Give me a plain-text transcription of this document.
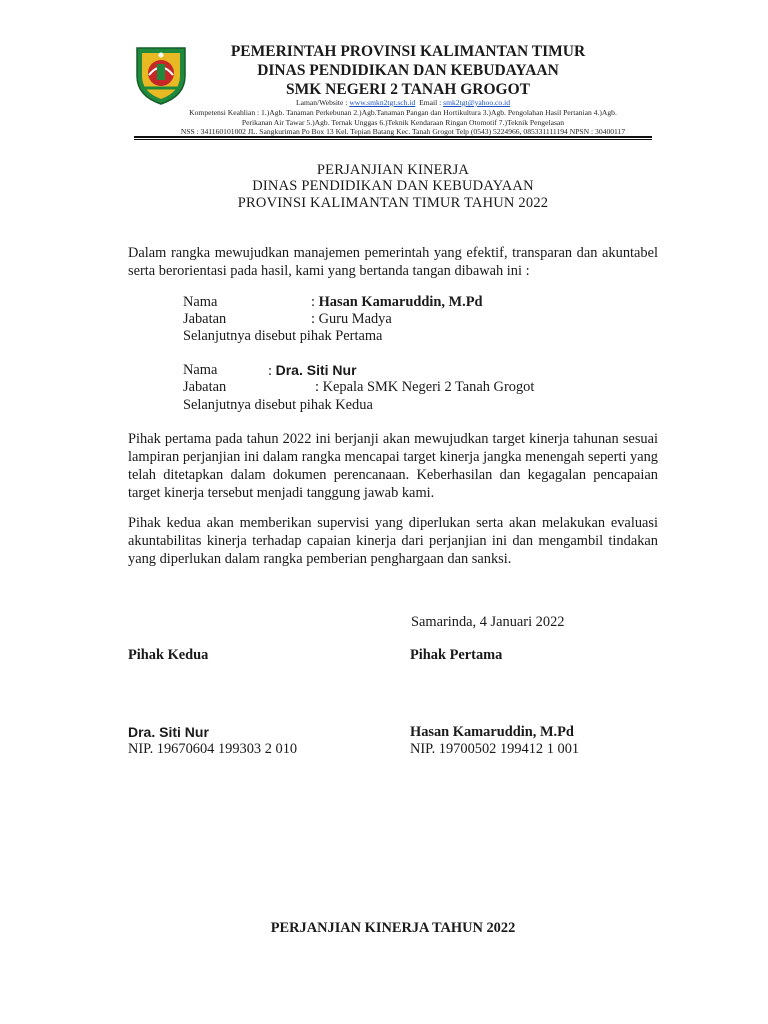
PEMERINTAH PROVINSI KALIMANTAN TIMUR
DINAS PENDIDIKAN DAN KEBUDAYAAN
SMK NEGERI 2 TANAH GROGOT
Laman/Website : www.smkn2tgt.sch.id  Email : smk2tgt@yahoo.co.id
Kompetensi Keahlian : 1.)Agb. Tanaman Perkebunan 2.)Agb.Tanaman Pangan dan Hortikultura 3.)Agb. Pengolahan Hasil Pertanian 4.)Agb.
Perikanan Air Tawar 5.)Agb. Ternak Unggas 6.)Teknik Kendaraan Ringan Otomotif 7.)Teknik Pengelasan
NSS : 341160101002 JL. Sangkuriman Po Box 13 Kel. Tepian Batang Kec. Tanah Grogot Telp (0543) 5224966, 085331111194 NPSN : 30400117
PERJANJIAN KINERJA
DINAS PENDIDIKAN DAN KEBUDAYAAN
PROVINSI KALIMANTAN TIMUR TAHUN 2022
Dalam rangka mewujudkan manajemen pemerintah yang efektif, transparan dan akuntabel serta berorientasi pada hasil, kami yang bertanda tangan dibawah ini :
Nama	: Hasan Kamaruddin, M.Pd
Jabatan	: Guru Madya
Selanjutnya disebut pihak Pertama
Nama	: Dra. Siti Nur
Jabatan	: Kepala SMK Negeri 2 Tanah Grogot
Selanjutnya disebut pihak Kedua
Pihak pertama pada tahun 2022 ini berjanji akan mewujudkan target kinerja tahunan sesuai lampiran perjanjian ini dalam rangka mencapai target kinerja jangka menengah seperti yang telah ditetapkan dalam dokumen perencanaan. Keberhasilan dan kegagalan pencapaian target kinerja tersebut menjadi tanggung jawab kami.
Pihak kedua akan memberikan supervisi yang diperlukan serta akan melakukan evaluasi akuntabilitas kinerja terhadap capaian kinerja dari perjanjian ini dan mengambil tindakan yang diperlukan dalam rangka pemberian penghargaan dan sanksi.
Samarinda, 4 Januari 2022
Pihak Kedua	Pihak Pertama
Dra. Siti Nur	Hasan Kamaruddin, M.Pd
NIP. 19670604 199303 2 010	NIP. 19700502 199412 1 001
PERJANJIAN KINERJA TAHUN 2022
